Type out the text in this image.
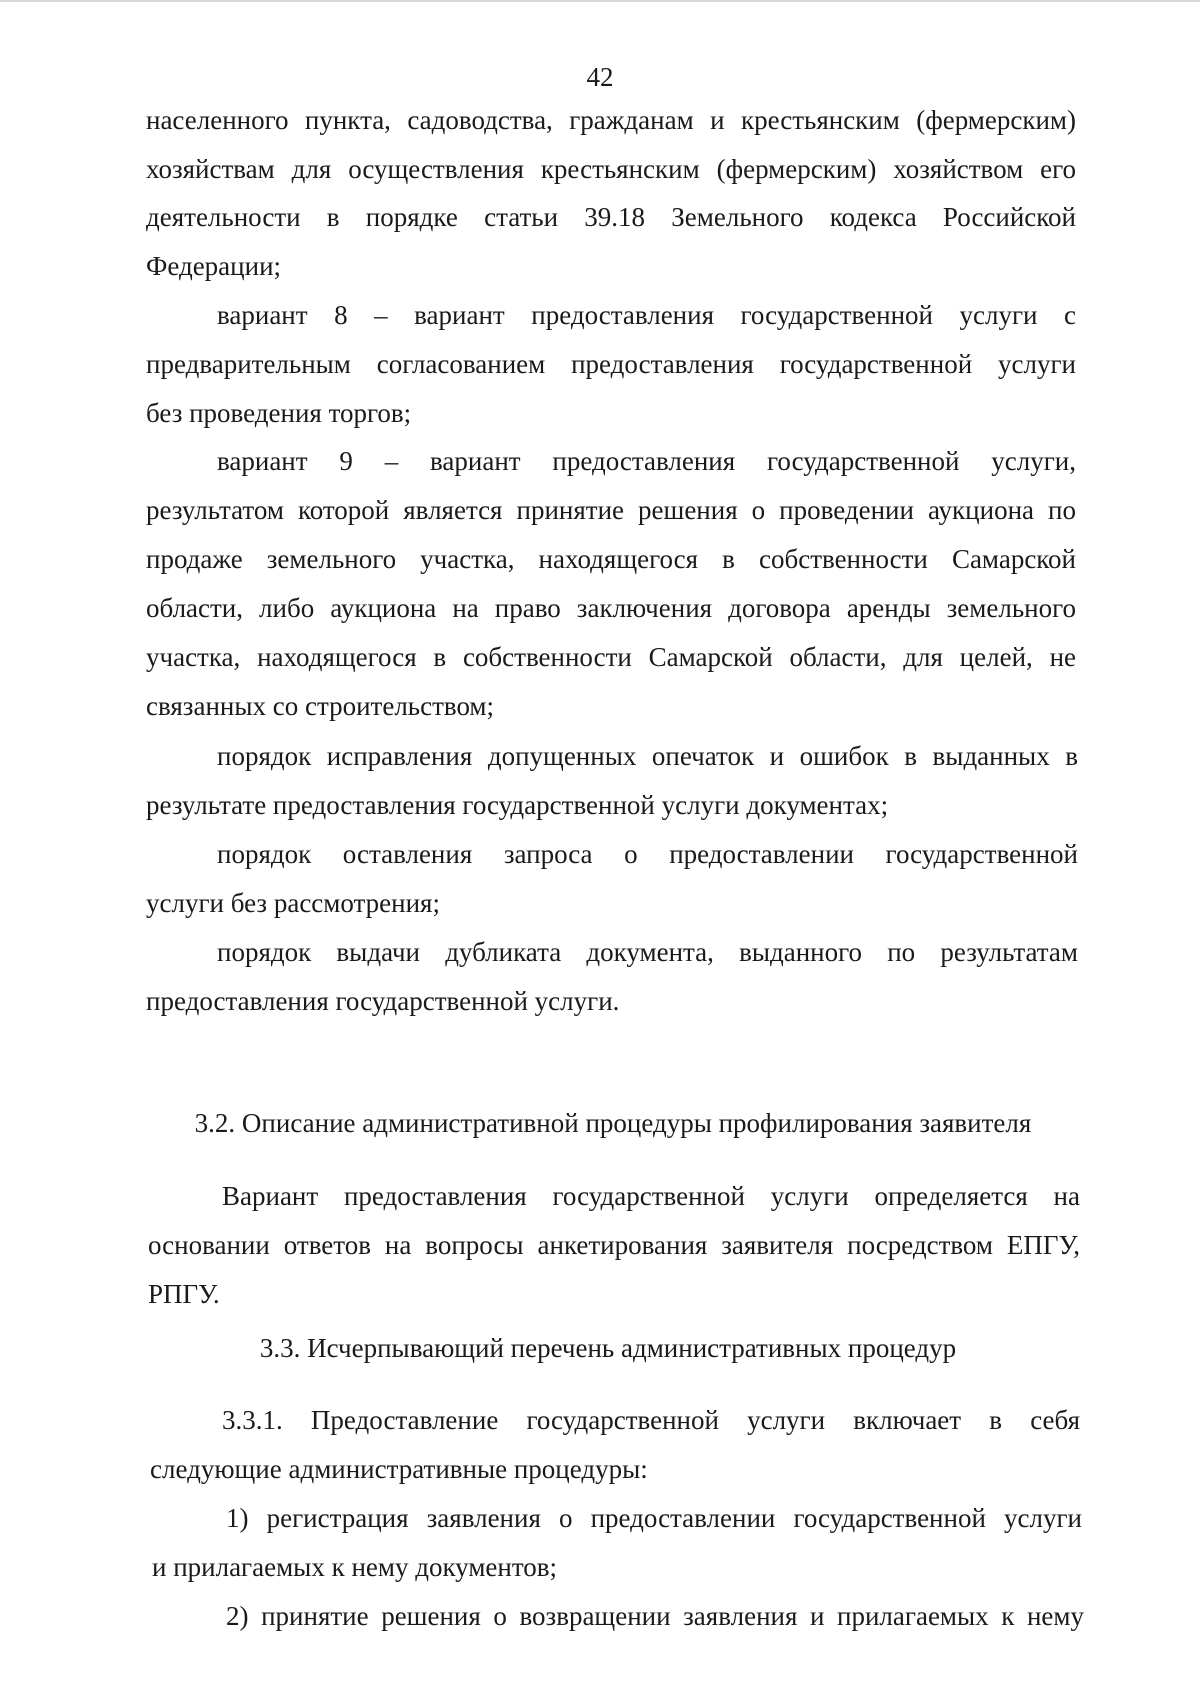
42
населенного пункта, садоводства, гражданам и крестьянским (фермерским)
хозяйствам для осуществления крестьянским (фермерским) хозяйством его
деятельности в порядке статьи 39.18 Земельного кодекса Российской
Федерации;
вариант 8 – вариант предоставления государственной услуги с
предварительным согласованием предоставления государственной услуги
без проведения торгов;
вариант 9 – вариант предоставления государственной услуги,
результатом которой является принятие решения о проведении аукциона по
продаже земельного участка, находящегося в собственности Самарской
области, либо аукциона на право заключения договора аренды земельного
участка, находящегося в собственности Самарской области, для целей, не
связанных со строительством;
порядок исправления допущенных опечаток и ошибок в выданных в
результате предоставления государственной услуги документах;
порядок оставления запроса о предоставлении государственной
услуги без рассмотрения;
порядок выдачи дубликата документа, выданного по результатам
предоставления государственной услуги.
3.2. Описание административной процедуры профилирования заявителя
Вариант предоставления государственной услуги определяется на
основании ответов на вопросы анкетирования заявителя посредством ЕПГУ,
РПГУ.
3.3. Исчерпывающий перечень административных процедур
3.3.1. Предоставление государственной услуги включает в себя
следующие административные процедуры:
1) регистрация заявления о предоставлении государственной услуги
и прилагаемых к нему документов;
2) принятие решения о возвращении заявления и прилагаемых к нему
